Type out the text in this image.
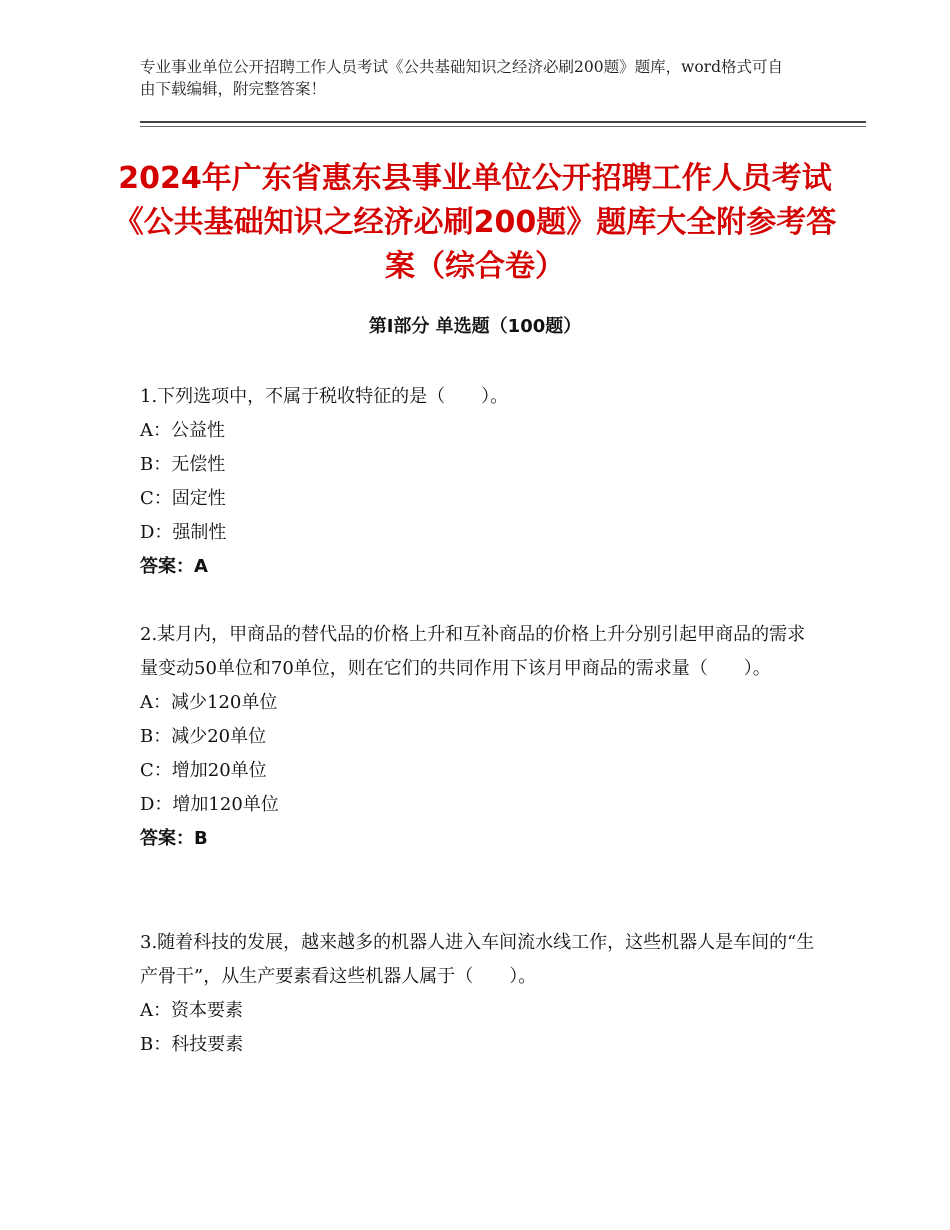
专业事业单位公开招聘工作人员考试《公共基础知识之经济必刷200题》题库，word格式可自由下载编辑，附完整答案！
2024年广东省惠东县事业单位公开招聘工作人员考试《公共基础知识之经济必刷200题》题库大全附参考答案（综合卷）
第Ⅰ部分 单选题（100题）
1.下列选项中，不属于税收特征的是（　　）。
A：公益性
B：无偿性
C：固定性
D：强制性
答案：A
2.某月内，甲商品的替代品的价格上升和互补商品的价格上升分别引起甲商品的需求量变动50单位和70单位，则在它们的共同作用下该月甲商品的需求量（　　）。
A：减少120单位
B：减少20单位
C：增加20单位
D：增加120单位
答案：B
3.随着科技的发展，越来越多的机器人进入车间流水线工作，这些机器人是车间的“生产骨干”，从生产要素看这些机器人属于（　　）。
A：资本要素
B：科技要素
